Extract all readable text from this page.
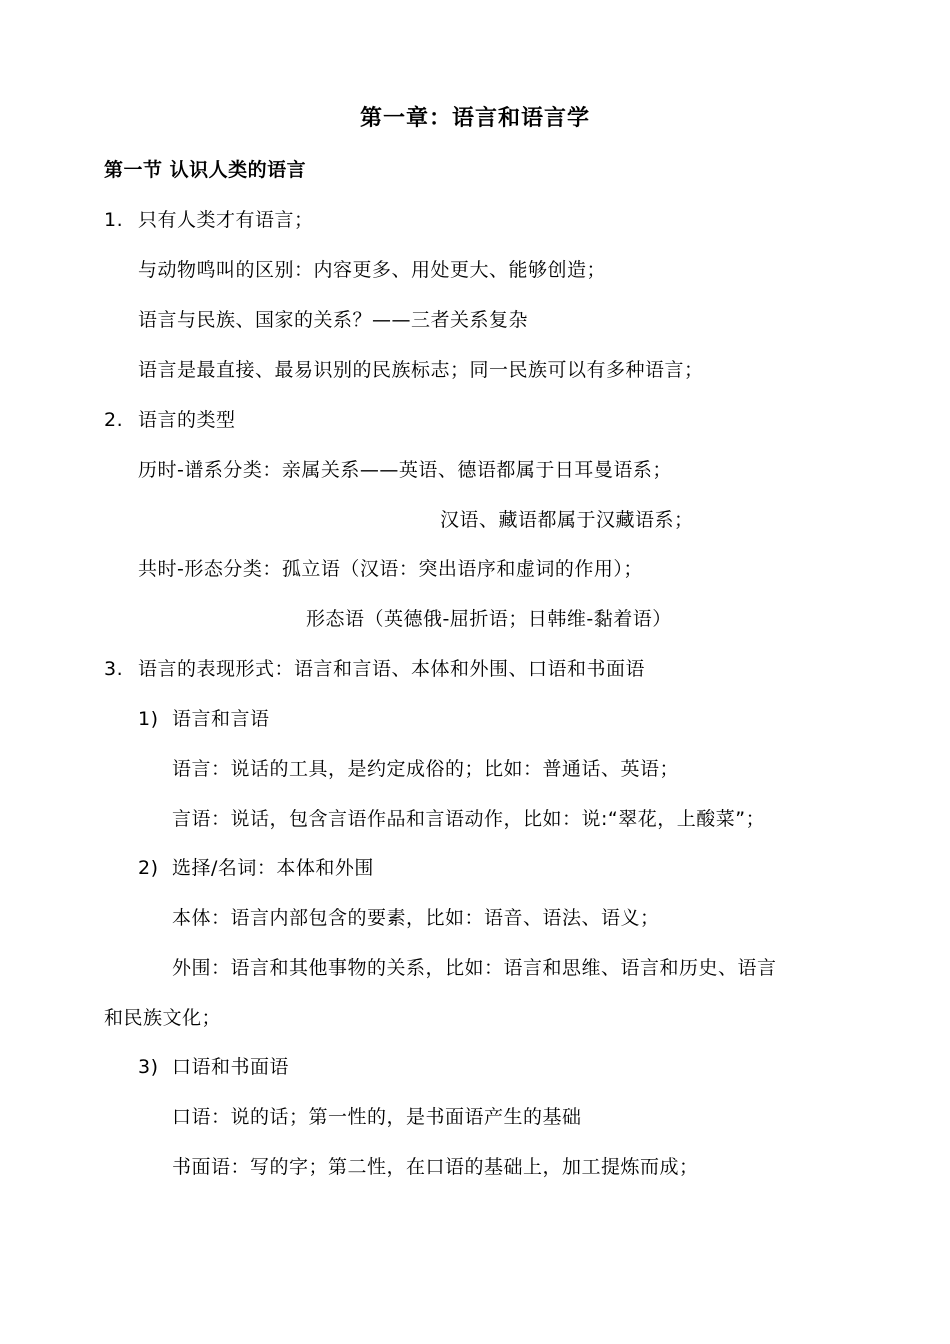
第一章：语言和语言学
第一节 认识人类的语言
1. 只有人类才有语言；
与动物鸣叫的区别：内容更多、用处更大、能够创造；
语言与民族、国家的关系？——三者关系复杂
语言是最直接、最易识别的民族标志；同一民族可以有多种语言；
2. 语言的类型
历时-谱系分类：亲属关系——英语、德语都属于日耳曼语系；
汉语、藏语都属于汉藏语系；
共时-形态分类：孤立语（汉语：突出语序和虚词的作用）；
形态语（英德俄-屈折语；日韩维-黏着语）
3. 语言的表现形式：语言和言语、本体和外围、口语和书面语
1) 语言和言语
语言：说话的工具，是约定成俗的；比如：普通话、英语；
言语：说话，包含言语作品和言语动作，比如：说:“翠花，上酸菜”；
2) 选择/名词：本体和外围
本体：语言内部包含的要素，比如：语音、语法、语义；
外围：语言和其他事物的关系，比如：语言和思维、语言和历史、语言
和民族文化；
3) 口语和书面语
口语：说的话；第一性的，是书面语产生的基础
书面语：写的字；第二性，在口语的基础上，加工提炼而成；
